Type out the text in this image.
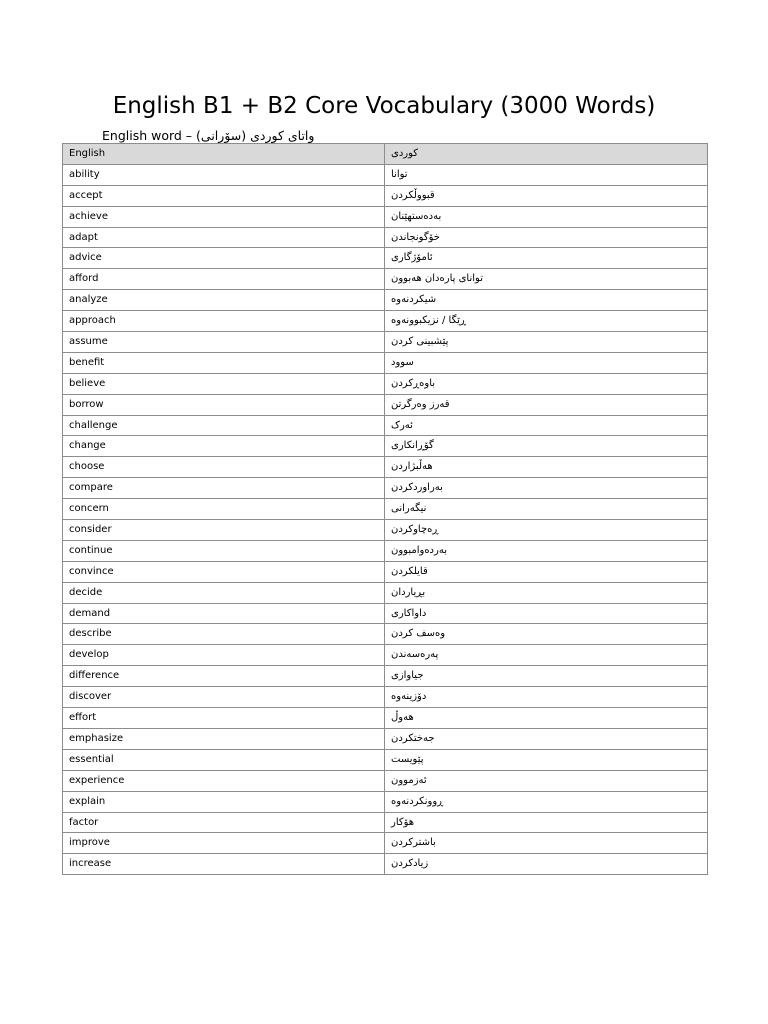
English B1 + B2 Core Vocabulary (3000 Words)
English word – واتای کوردی (سۆرانی)
English	کوردی
ability	توانا
accept	قبووڵکردن
achieve	بەدەستهێنان
adapt	خۆگونجاندن
advice	ئامۆژگاری
afford	توانای پارەدان هەبوون
analyze	شیکردنەوە
approach	ڕێگا / نزیکبوونەوە
assume	پێشبینی کردن
benefit	سوود
believe	باوەڕکردن
borrow	قەرز وەرگرتن
challenge	ئەرک
change	گۆڕانکاری
choose	هەڵبژاردن
compare	بەراوردکردن
concern	نیگەرانی
consider	ڕەچاوکردن
continue	بەردەوامبوون
convince	قایلکردن
decide	بڕیاردان
demand	داواکاری
describe	وەسف کردن
develop	پەرەسەندن
difference	جیاوازی
discover	دۆزینەوە
effort	هەوڵ
emphasize	جەختکردن
essential	پێویست
experience	ئەزموون
explain	ڕوونکردنەوە
factor	هۆکار
improve	باشترکردن
increase	زیادکردن
